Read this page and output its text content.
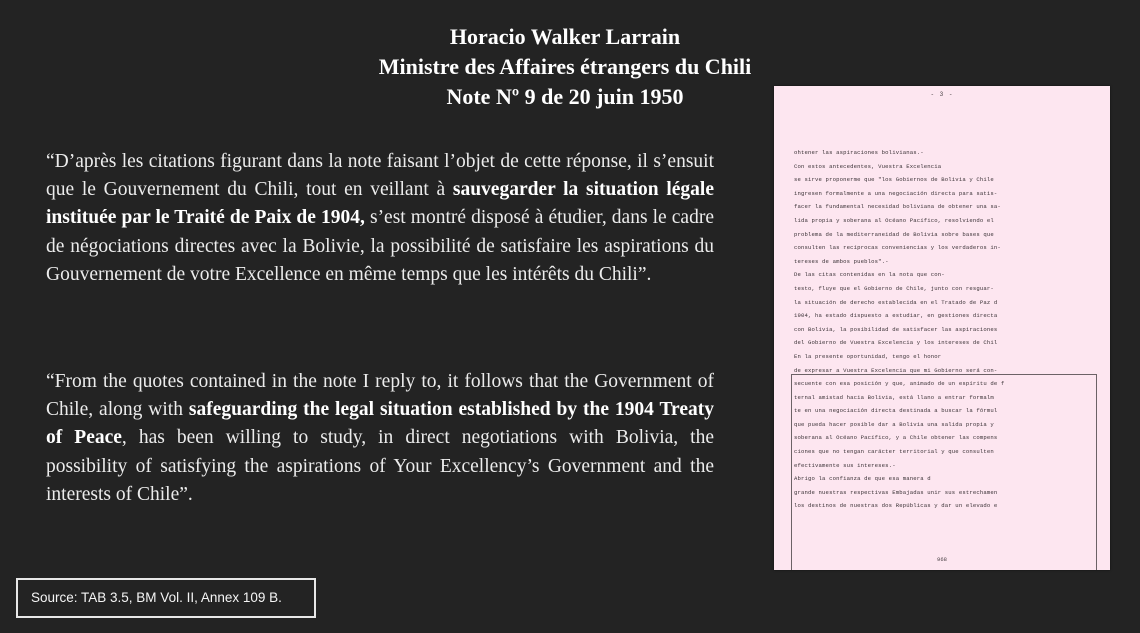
Horacio Walker Larrain
Ministre des Affaires étrangers du Chili
Note Nº 9 de 20 juin 1950
“D’après les citations figurant dans la note faisant l’objet de cette réponse, il s’ensuit que le Gouvernement du Chili, tout en veillant à sauvegarder la situation légale instituée par le Traité de Paix de 1904, s’est montré disposé à étudier, dans le cadre de négociations directes avec la Bolivie, la possibilité de satisfaire les aspirations du Gouvernement de votre Excellence en même temps que les intérêts du Chili”.
“From the quotes contained in the note I reply to, it follows that the Government of Chile, along with safeguarding the legal situation established by the 1904 Treaty of Peace, has been willing to study, in direct negotiations with Bolivia, the possibility of satisfying the aspirations of Your Excellency’s Government and the interests of Chile”.
Source: TAB 3.5, BM Vol. II, Annex 109 B.
- 3 -
ohtener las aspiraciones bolivianas.-
Con estos antecedentes, Vuestra Excelencia
se sirve proponerme que "los Gobiernos de Bolivia y Chile
ingresen formalmente a una negociación directa para satis-
facer la fundamental necesidad boliviana de obtener una sa-
lida propia y soberana al Océano Pacífico, resolviendo el
problema de la mediterraneidad de Bolivia sobre bases que
consulten las recíprocas conveniencias y los verdaderos in-
tereses de ambos pueblos".-
De las citas contenidas en la nota que con-
testo, fluye que el Gobierno de Chile, junto con resguar-
la situación de derecho establecida en el Tratado de Paz d
1904, ha estado dispuesto a estudiar, en gestiones directa
con Bolivia, la posibilidad de satisfacer las aspiraciones
del Gobierno de Vuestra Excelencia y los intereses de Chil
En la presente oportunidad, tengo el honor
de expresar a Vuestra Excelencia que mi Gobierno será con-
secuente con esa posición y que, animado de un espíritu de f
ternal amistad hacia Bolivia, está llano a entrar formalm
te en una negociación directa destinada a buscar la fórmul
que pueda hacer posible dar a Bolivia una salida propia y
soberana al Océano Pacífico, y a Chile obtener las compens
ciones que no tengan carácter territorial y que consulten
efectivamente sus intereses.-
Abrigo la confianza de que esa manera d
grande nuestras respectivas Embajadas unir sus estrechamen
los destinos de nuestras dos Repúblicas y dar un elevado e
968
